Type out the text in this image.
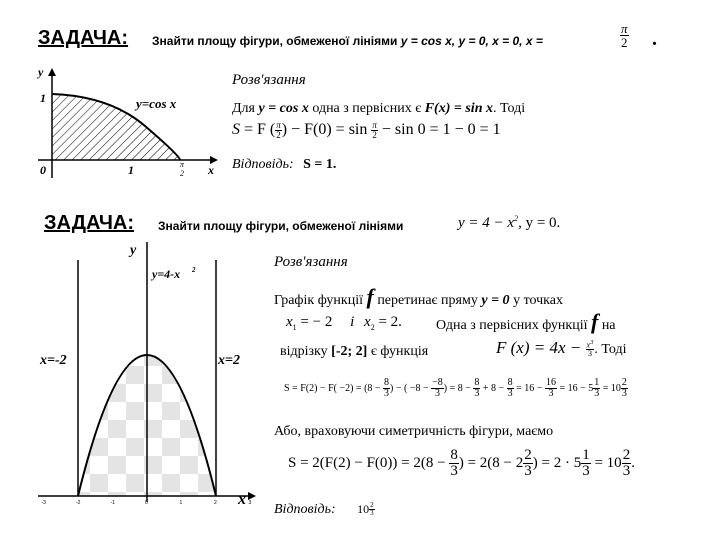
ЗАДАЧА: Знайти площу фігури, обмеженої лініями y = cos x, y = 0, x = 0, x =	$\frac{\pi}{2}$ .
y
x
1
0	1
y=cos x
π
2
Розв'язання
Для y = cos x одна з первісних є F(x) = sin x. Тоді
S = F ( $\frac{\pi}{2}$ ) − $F(0) = \sin \frac{\pi}{2} - \sin 0 = 1 - 0 = 1$
Відповідь: S = 1.
ЗАДАЧА: Знайти площу фігури, обмеженої лініями	$y = 4 - x^2$, y = 0.
y
x
y=4-x 2
x=-2	x=2
-3	-2	-1	0	1	2	3
Розв'язання
Графік функції f перетинає пряму y = 0 у точках
$x_1$ = − 2 і $x_2 = 2$. Одна з первісних функції f на
відрізку [-2; 2] є функція	F $(x) = 4x - \frac{x^3}{3}$ . Тоді
$S = F(2) - F( -2) = (8 - \frac{8}{3}$ ) − ( $-8 - \frac{-8}{3}$ ) = $8 - \frac{8}{3} + 8 - \frac{8}{3} = 16 - \frac{16}{3} = 16 - 5 \frac{1}{3} = 10 \frac{2}{3}$
Або, враховуючи симетричність фігури, маємо
$S = 2(F(2) - F(0)) = 2(8 - \frac{8}{3}$ ) = $2(8 - 2 \frac{2}{3}$ ) = $2 \cdot 5 \frac{1}{3} = 10 \frac{2}{3}$ .
Відповідь: $10 \frac{2}{3}$
